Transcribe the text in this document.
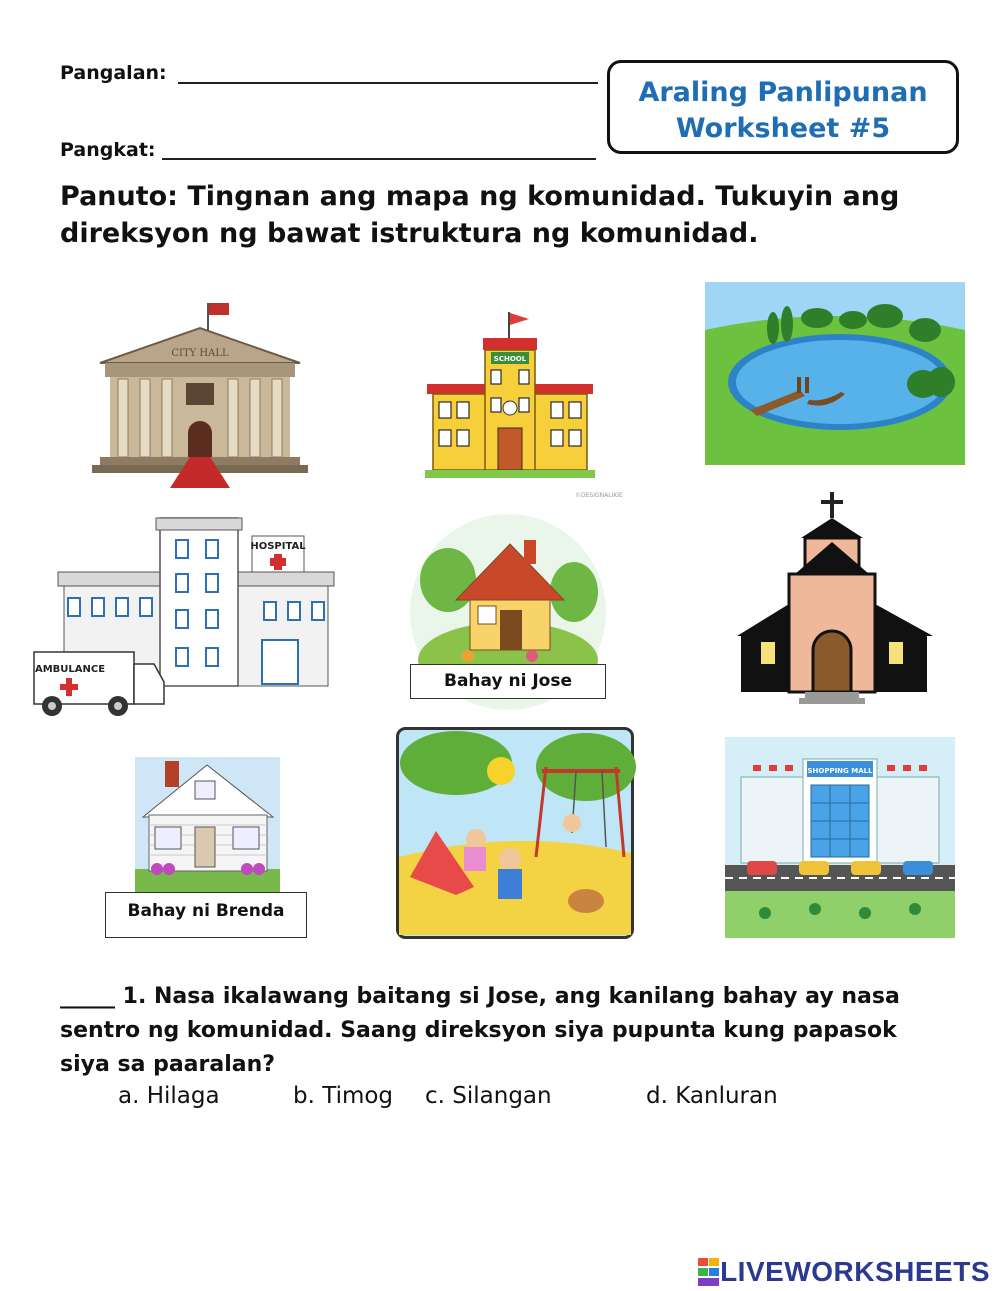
Pangalan:
Pangkat:
Araling Panlipunan
Worksheet #5
Panuto: Tingnan ang mapa ng komunidad. Tukuyin ang direksyon ng bawat istruktura ng komunidad.
CITY HALL	SCHOOL
©DESIGNALIKIE
HOSPITAL
AMBULANCE
Bahay ni Jose
Bahay ni Brenda
SHOPPING MALL
_____ 1. Nasa ikalawang baitang si Jose, ang kanilang bahay ay nasa sentro ng komunidad. Saang direksyon siya pupunta kung papasok siya sa paaralan?
a. Hilaga	b. Timog c. Silangan	d. Kanluran
LIVEWORKSHEETS
